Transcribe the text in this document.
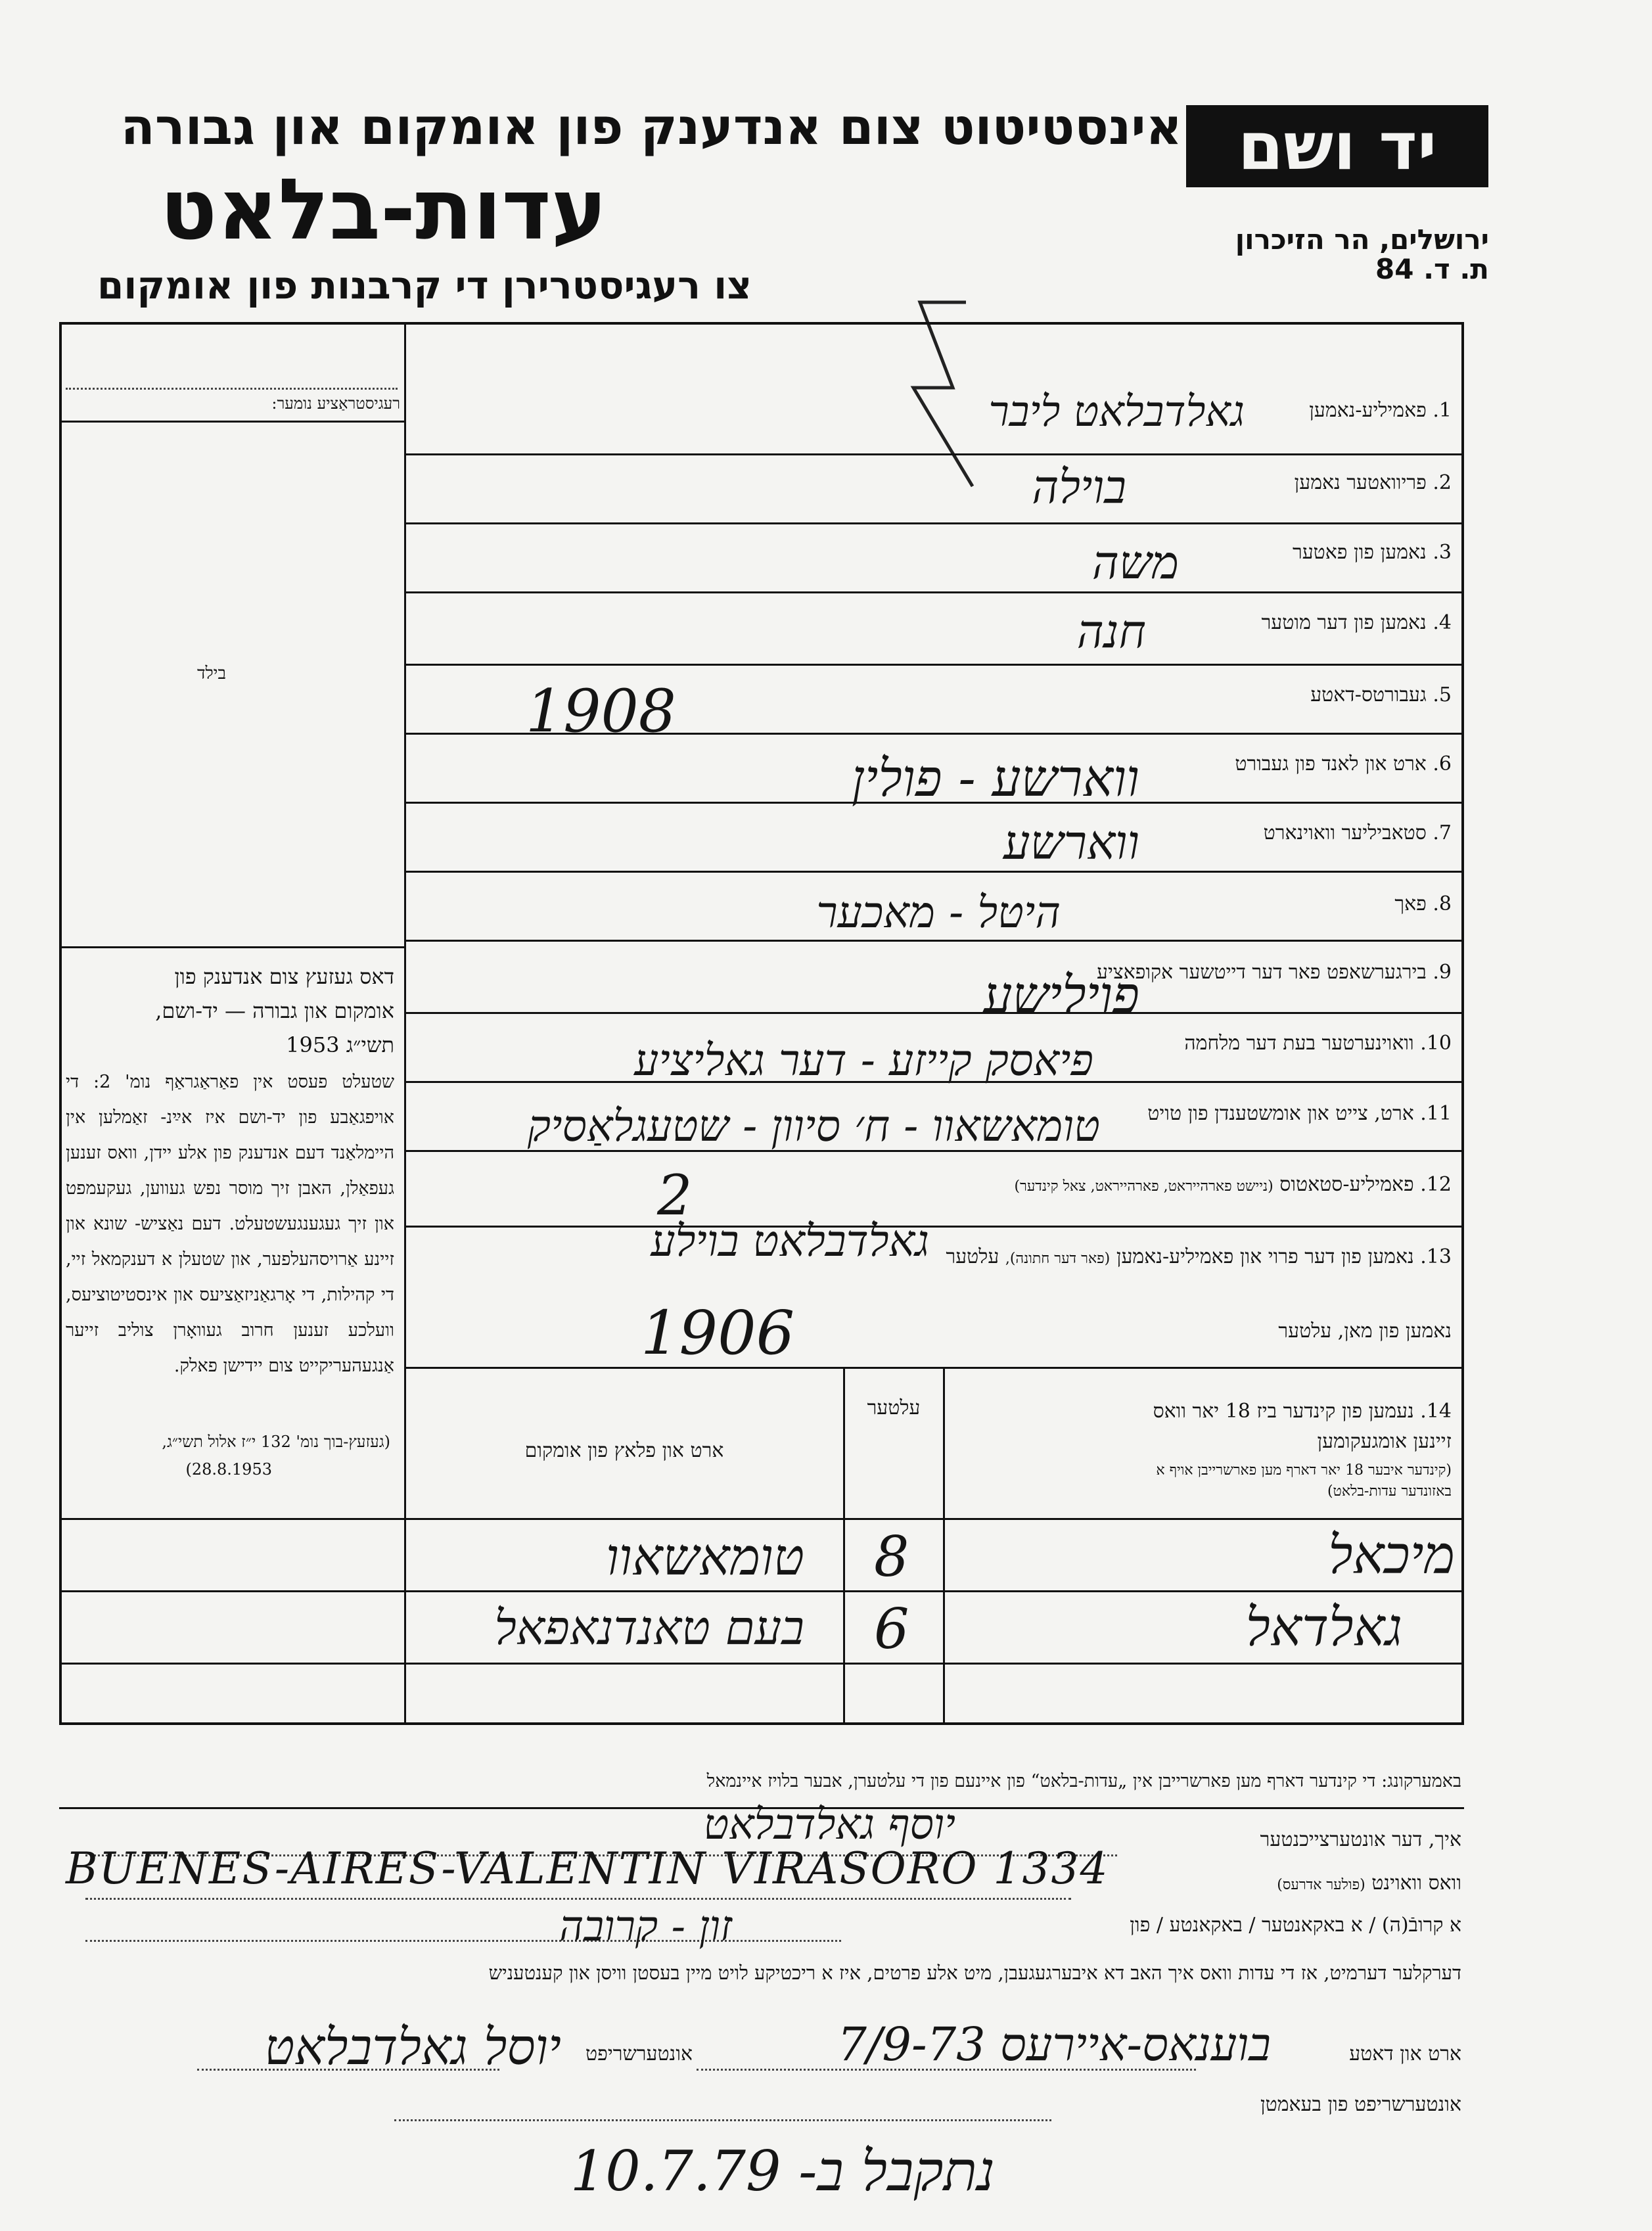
יד ושם
אינסטיטוט צום אנדענק פון אומקום און גבורה
עדות-בלאט
צו רעגיסטרירן די קרבנות פון אומקום
ירושלים, הר הזיכרון
ת. ד. 84
רעגיסטראַציע נומער:
בילד
דאס געזעץ צום אנדענק פון
אומקום און גבורה — יד-ושם,
תשי״ג 1953
שטעלט פעסט אין פאַראַגראַף נומ' 2: די אויפגאַבע פון יד-ושם איז אײַנ- זאַמלען אין היימלאַנד דעם אנדענק פון אלע יידן, וואס זענען געפאַלן, האבן זיך מוסר נפש געווען, געקעמפט און זיך געגענגעשטעלט. דעם נאַציש- שונא און זיינע אַרויסהעלפער, און שטעלן א דענקמאל זיי, די קהילות, די אָרגאַניזאַציעס און אינסטיטוציעס, וועלכע זענען חרוב געוואָרן צוליב זייער אַנגעהעריקייט צום יידישן פאלק.
(געזעץ-בוך נומ' 132 י״ז אלול תשי״ג,
(28.8.1953
1. פאמיליע-נאמען
2. פריוואטער נאמען
3. נאמען פון פאטער
4. נאמען פון דער מוטער
5. געבורטס-דאטע
6. ארט און לאנד פון געבורט
7. סטאביליער וואוינארט
8. פאך
9. בירגערשאפט פאר דער דייטשער אקופאציע
10. וואוינערטער בעת דער מלחמה
11. ארט, צייט און אומשטענדן פון טויט
12. פאמיליע-סטאטוס (ניישט פארהייראט, פארהייראט, צאל קינדער)
13. נאמען פון דער פרוי און פאמיליע-נאמען (פאר דער חתונה), עלטער
נאמען פון מאן, עלטער
גאלדבלאט ליבר
בוילה
משה
חנה
1908
ווארשע - פולין
ווארשע
היטל - מאכער
פוילישע
פיאסק קייזע - דער גאליציע
טומאשאוו - ח׳ סיוון - שטעגלאַסיק
2
גאלדבלאט בוילע
1906
14. נעמען פון קינדער ביז 18 יאר וואס זיינען אומגעקומען
(קינדער איבער 18 יאר דארף מען פארשרייבן אויף א באזונדער עדות-בלאט)
עלטער
ארט און פלאץ פון אומקום
מיכאל
8
טומאשאוו
גאלדאל
6
בעם טאנדנאפאל
באמערקונג: די קינדער דארף מען פארשרייבן אין „עדות-בלאט“ פון איינעם פון די עלטערן, אבער בלויז איינמאל
איך, דער אונטערצייכנטער
יוסף גאלדבלאט
וואס וואוינט (פולער אדרעס)
BUENES-AIRES-VALENTIN VIRASORO 1334
א קרובֿ(ה) / א באקאנטער / באקאנטע / פון
זון - קרובה
דערקלער דערמיט, אז די עדות וואס איך האב דא איבערגעגעבן, מיט אלע פרטים, איז א ריכטיקע לויט מיין בעסטן וויסן און קענטעניש
ארט און דאטע
בוענאס-איירעס 7/9-73
אונטערשריפט
יוסל גאלדבלאט
אונטערשריפט פון בעאמטן
נתקבל ב- 10.7.79
